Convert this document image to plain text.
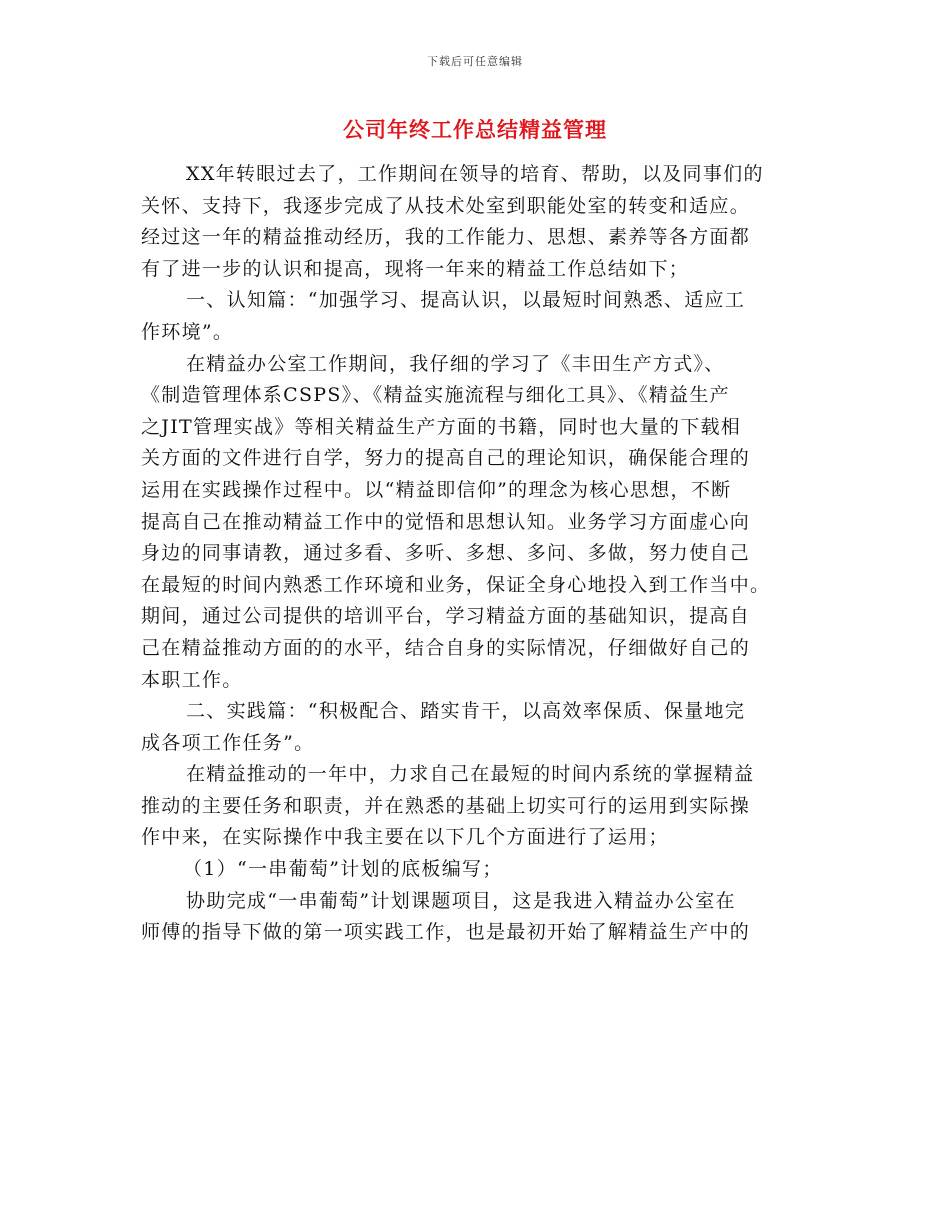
下载后可任意编辑
公司年终工作总结精益管理
XX年转眼过去了，工作期间在领导的培育、帮助，以及同事们的
关怀、支持下，我逐步完成了从技术处室到职能处室的转变和适应。
经过这一年的精益推动经历，我的工作能力、思想、素养等各方面都
有了进一步的认识和提高，现将一年来的精益工作总结如下；
一、认知篇：“加强学习、提高认识，以最短时间熟悉、适应工
作环境”。
在精益办公室工作期间，我仔细的学习了《丰田生产方式》、
《制造管理体系CSPS》、《精益实施流程与细化工具》、《精益生产
之JIT管理实战》等相关精益生产方面的书籍，同时也大量的下载相
关方面的文件进行自学，努力的提高自己的理论知识，确保能合理的
运用在实践操作过程中。以“精益即信仰”的理念为核心思想，不断
提高自己在推动精益工作中的觉悟和思想认知。业务学习方面虚心向
身边的同事请教，通过多看、多听、多想、多问、多做，努力使自己
在最短的时间内熟悉工作环境和业务，保证全身心地投入到工作当中。
期间，通过公司提供的培训平台，学习精益方面的基础知识，提高自
己在精益推动方面的的水平，结合自身的实际情况，仔细做好自己的
本职工作。
二、实践篇：“积极配合、踏实肯干，以高效率保质、保量地完
成各项工作任务”。
在精益推动的一年中，力求自己在最短的时间内系统的掌握精益
推动的主要任务和职责，并在熟悉的基础上切实可行的运用到实际操
作中来，在实际操作中我主要在以下几个方面进行了运用；
（1）“一串葡萄”计划的底板编写；
协助完成“一串葡萄”计划课题项目，这是我进入精益办公室在
师傅的指导下做的第一项实践工作，也是最初开始了解精益生产中的
